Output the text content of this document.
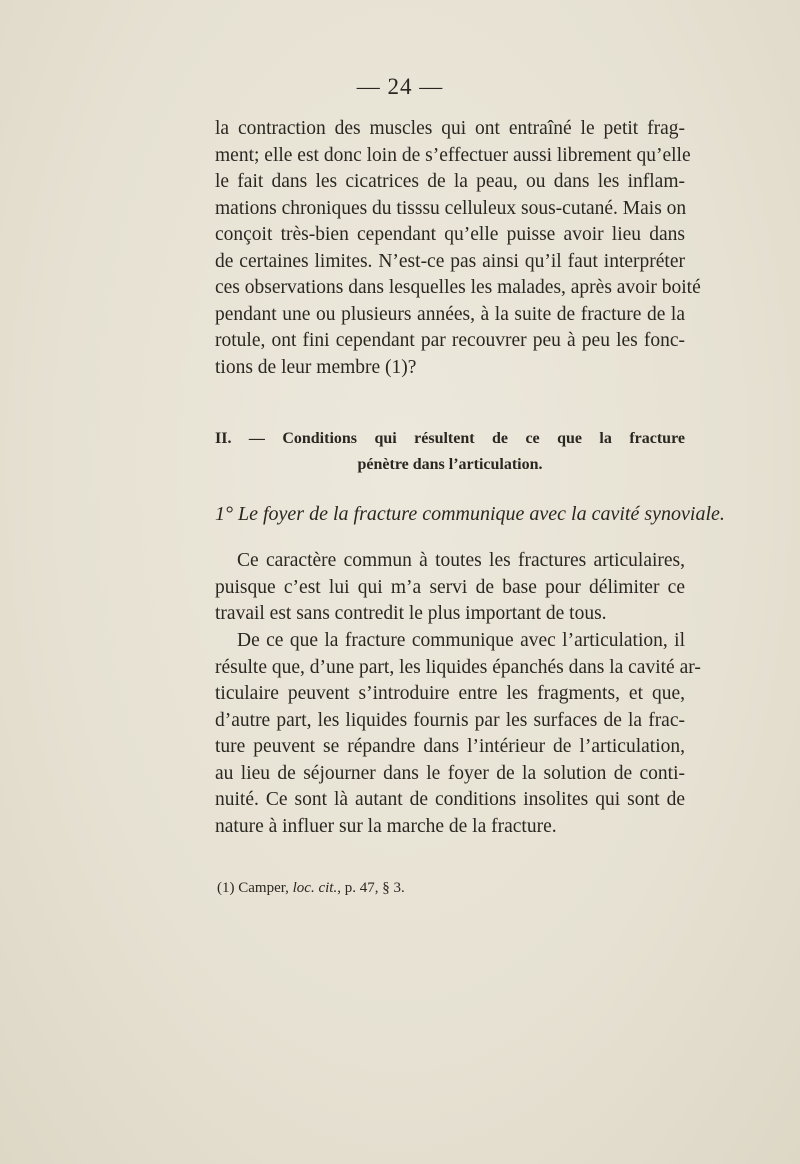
— 24 —
la contraction des muscles qui ont entraîné le petit frag-
ment; elle est donc loin de s’effectuer aussi librement qu’elle
le fait dans les cicatrices de la peau, ou dans les inflam-
mations chroniques du tisssu celluleux sous-cutané. Mais on
conçoit très-bien cependant qu’elle puisse avoir lieu dans
de certaines limites. N’est-ce pas ainsi qu’il faut interpréter
ces observations dans lesquelles les malades, après avoir boité
pendant une ou plusieurs années, à la suite de fracture de la
rotule, ont fini cependant par recouvrer peu à peu les fonc-
tions de leur membre (1)?
II. — Conditions qui résultent de ce que la fracture
pénètre dans l’articulation.
1° Le foyer de la fracture communique avec la cavité synoviale.
Ce caractère commun à toutes les fractures articulaires,
puisque c’est lui qui m’a servi de base pour délimiter ce
travail est sans contredit le plus important de tous.
De ce que la fracture communique avec l’articulation, il
résulte que, d’une part, les liquides épanchés dans la cavité ar-
ticulaire peuvent s’introduire entre les fragments, et que,
d’autre part, les liquides fournis par les surfaces de la frac-
ture peuvent se répandre dans l’intérieur de l’articulation,
au lieu de séjourner dans le foyer de la solution de conti-
nuité. Ce sont là autant de conditions insolites qui sont de
nature à influer sur la marche de la fracture.
(1) Camper, loc. cit., p. 47, § 3.
